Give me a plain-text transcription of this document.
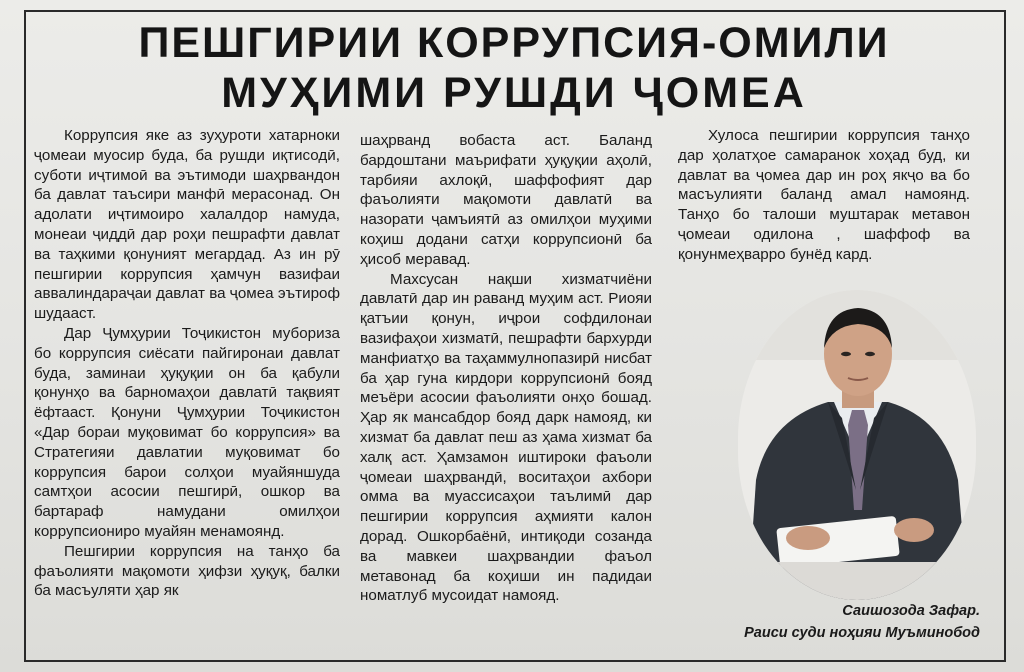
ПЕШГИРИИ КОРРУПСИЯ-ОМИЛИ
МУҲИМИ РУШДИ ҶОМЕА

Коррупсия яке аз зуҳуроти хатарноки ҷомеаи муосир буда, ба рушди иқтисодӣ, суботи иҷтимоӣ ва эътимоди шаҳрвандон ба давлат таъсири манфӣ мерасонад. Он адолати иҷтимоиро халалдор намуда, монеаи ҷиддӣ дар роҳи пешрафти давлат ва таҳкими қонуният мегардад. Аз ин рӯ пешгирии коррупсия ҳамчун вазифаи аввалиндараҷаи давлат ва ҷомеа эътироф шудааст.

Дар Ҷумҳурии Тоҷикистон мубориза бо коррупсия сиёсати пайгиронаи давлат буда, заминаи ҳуқуқии он ба қабули қонунҳо ва барномаҳои давлатӣ тақвият ёфтааст. Қонуни Ҷумҳурии Тоҷикистон «Дар бораи муқовимат бо коррупсия» ва Стратегияи давлатии муқовимат бо коррупсия барои солҳои муайяншуда самтҳои асосии пешгирӣ, ошкор ва бартараф намудани омилҳои коррупсиониро муайян менамоянд.

Пешгирии коррупсия на танҳо ба фаъолияти мақомоти ҳифзи ҳуқуқ, балки ба масъуляти ҳар як

шаҳрванд вобаста аст. Баланд бардоштани маърифати ҳуқуқии аҳолӣ, тарбияи ахлоқӣ, шаффофият дар фаъолияти мақомоти давлатӣ ва назорати ҷамъиятӣ аз омилҳои муҳими коҳиш додани сатҳи коррупсионӣ ба ҳисоб меравад.

Махсусан нақши хизматчиёни давлатӣ дар ин раванд муҳим аст. Риояи қатъии қонун, иҷрои софдилонаи вазифаҳои хизматӣ, пешрафти бархурди манфиатҳо ва таҳаммулнопазирӣ нисбат ба ҳар гуна кирдори коррупсионӣ бояд меъёри асосии фаъолияти онҳо бошад. Ҳар як мансабдор бояд дарк намояд, ки хизмат ба давлат пеш аз ҳама хизмат ба халқ аст. Ҳамзамон иштироки фаъоли ҷомеаи шаҳрвандӣ, воситаҳои ахбори омма ва муассисаҳои таълимӣ дар пешгирии коррупсия аҳмияти калон дорад. Ошкорбаёнӣ, интиқоди созанда ва мавкеи шаҳрвандии фаъол метавонад ба коҳиши ин падидаи номатлуб мусоидат намояд.

Хулоса пешгирии коррупсия танҳо дар ҳолатҳое самаранок хоҳад буд, ки давлат ва ҷомеа дар ин роҳ якҷо ва бо масъулияти баланд амал намоянд. Танҳо бо талоши муштарак метавон ҷомеаи одилона , шаффоф ва қонунмеҳварро бунёд кард.

Саишозода Зафар.
Раиси суди ноҳияи Муъминобод
